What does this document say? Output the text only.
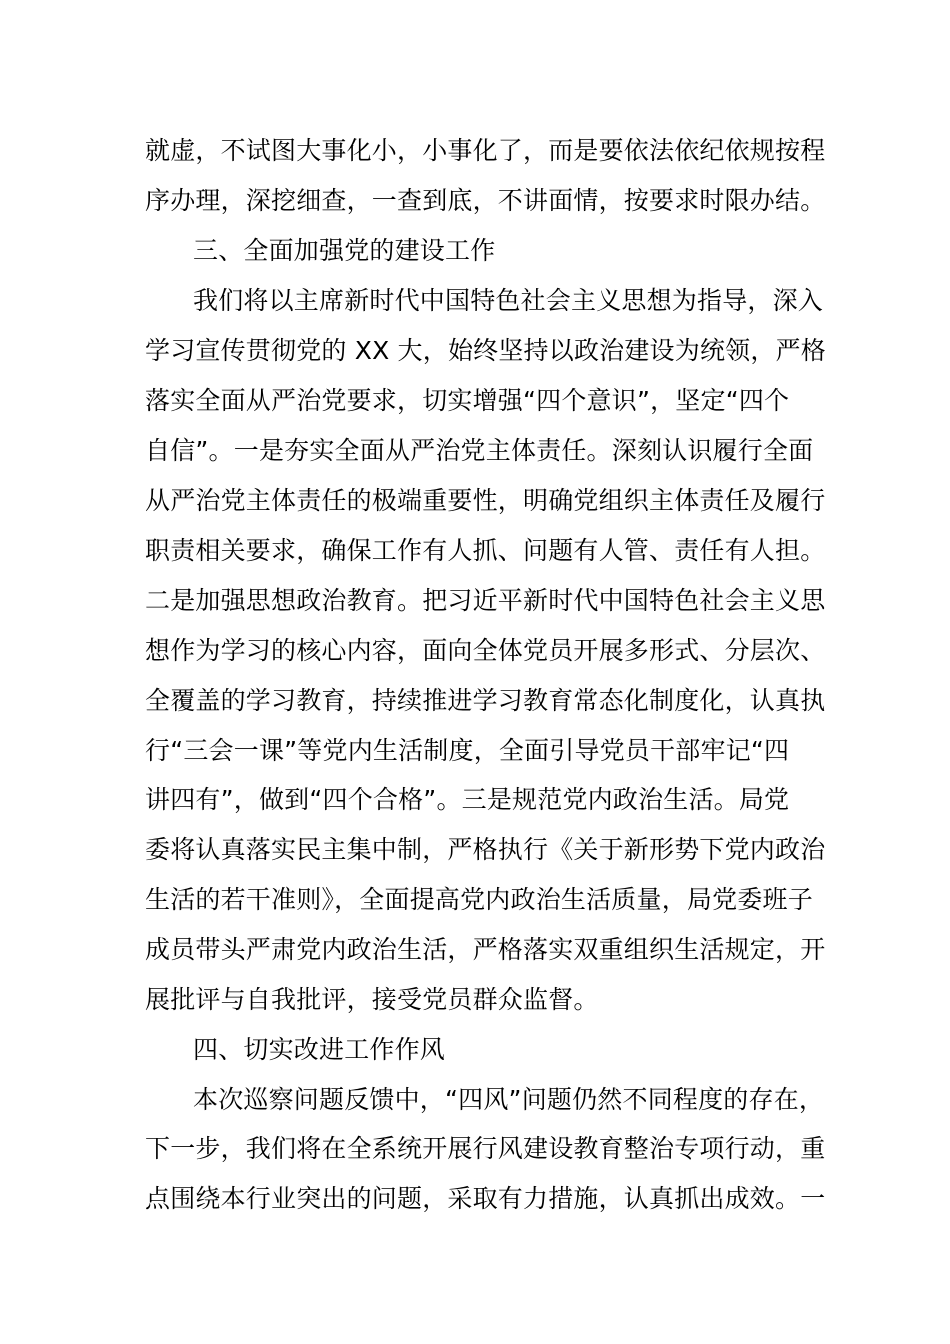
就虚，不试图大事化小，小事化了，而是要依法依纪依规按程
序办理，深挖细查，一查到底，不讲面情，按要求时限办结。
三、全面加强党的建设工作
我们将以主席新时代中国特色社会主义思想为指导，深入
学习宣传贯彻党的 XX 大，始终坚持以政治建设为统领，严格
落实全面从严治党要求，切实增强“四个意识”，坚定“四个
自信”。一是夯实全面从严治党主体责任。深刻认识履行全面
从严治党主体责任的极端重要性，明确党组织主体责任及履行
职责相关要求，确保工作有人抓、问题有人管、责任有人担。
二是加强思想政治教育。把习近平新时代中国特色社会主义思
想作为学习的核心内容，面向全体党员开展多形式、分层次、
全覆盖的学习教育，持续推进学习教育常态化制度化，认真执
行“三会一课”等党内生活制度，全面引导党员干部牢记“四
讲四有”，做到“四个合格”。三是规范党内政治生活。局党
委将认真落实民主集中制，严格执行《关于新形势下党内政治
生活的若干准则》，全面提高党内政治生活质量，局党委班子
成员带头严肃党内政治生活，严格落实双重组织生活规定，开
展批评与自我批评，接受党员群众监督。
四、切实改进工作作风
本次巡察问题反馈中，“四风”问题仍然不同程度的存在，
下一步，我们将在全系统开展行风建设教育整治专项行动，重
点围绕本行业突出的问题，采取有力措施，认真抓出成效。一
